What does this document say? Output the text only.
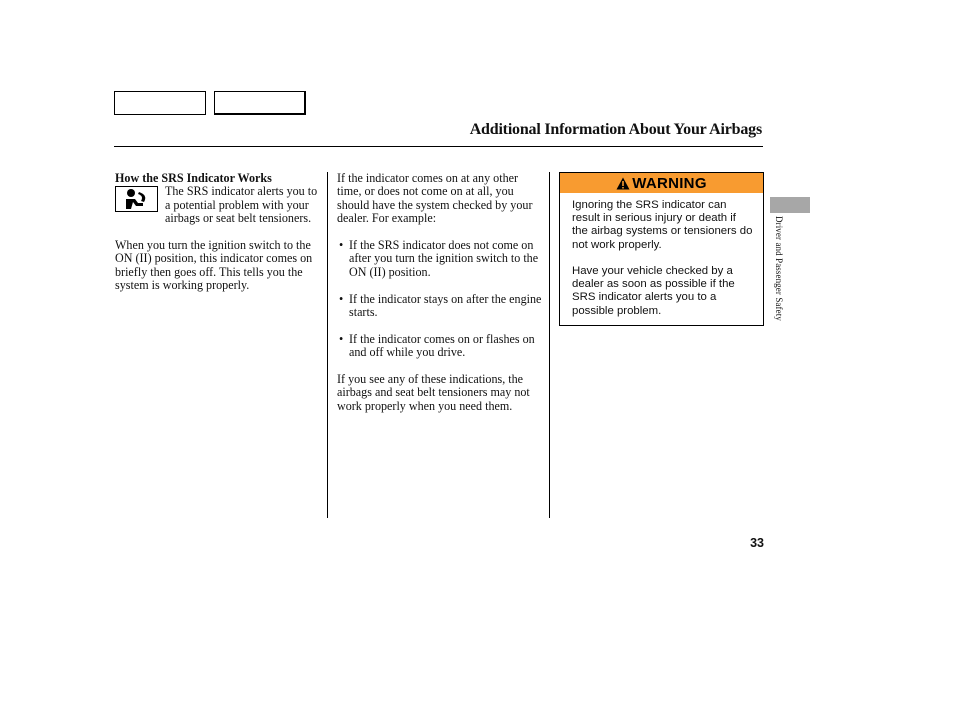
Additional Information About Your Airbags
How the SRS Indicator Works

The SRS indicator alerts you to a potential problem with your airbags or seat belt tensioners.

When you turn the ignition switch to the ON (II) position, this indicator comes on briefly then goes off. This tells you the system is working properly.

If the indicator comes on at any other time, or does not come on at all, you should have the system checked by your dealer. For example:

• If the SRS indicator does not come on after you turn the ignition switch to the ON (II) position.
• If the indicator stays on after the engine starts.
• If the indicator comes on or flashes on and off while you drive.

If you see any of these indications, the airbags and seat belt tensioners may not work properly when you need them.

WARNING

Ignoring the SRS indicator can result in serious injury or death if the airbag systems or tensioners do not work properly.

Have your vehicle checked by a dealer as soon as possible if the SRS indicator alerts you to a possible problem.	Driver and Passenger Safety
33
